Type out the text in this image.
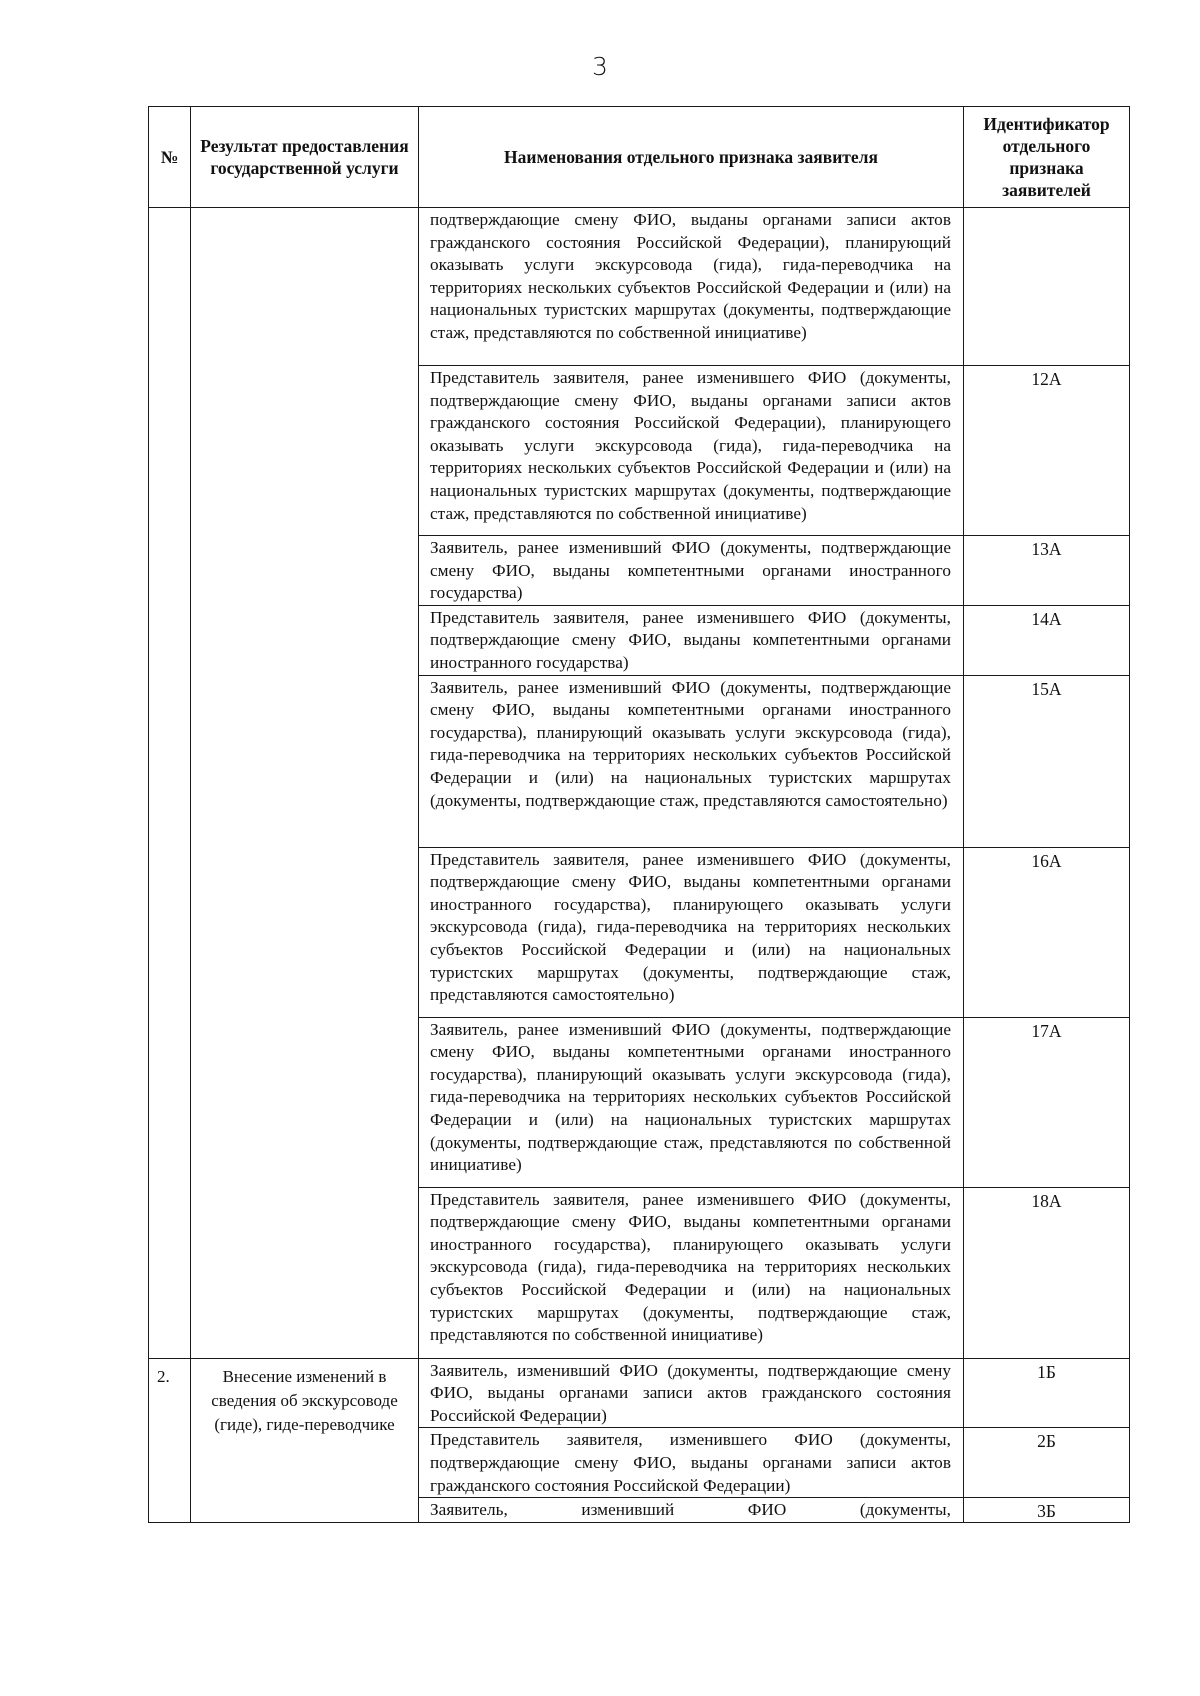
3
№	Результат предоставления государственной услуги	Наименования отдельного признака заявителя	Идентификатор отдельного признака заявителей

		подтверждающие смену ФИО, выданы органами записи актов гражданского состояния Российской Федерации), планирующий оказывать услуги экскурсовода (гида), гида-переводчика на территориях нескольких субъектов Российской Федерации и (или) на национальных туристских маршрутах (документы, подтверждающие стаж, представляются по собственной инициативе)	

		Представитель заявителя, ранее изменившего ФИО (документы, подтверждающие смену ФИО, выданы органами записи актов гражданского состояния Российской Федерации), планирующего оказывать услуги экскурсовода (гида), гида-переводчика на территориях нескольких субъектов Российской Федерации и (или) на национальных туристских маршрутах (документы, подтверждающие стаж, представляются по собственной инициативе)	12А

		Заявитель, ранее изменивший ФИО (документы, подтверждающие смену ФИО, выданы компетентными органами иностранного государства)	13А

		Представитель заявителя, ранее изменившего ФИО (документы, подтверждающие смену ФИО, выданы компетентными органами иностранного государства)	14А

		Заявитель, ранее изменивший ФИО (документы, подтверждающие смену ФИО, выданы компетентными органами иностранного государства), планирующий оказывать услуги экскурсовода (гида), гида-переводчика на территориях нескольких субъектов Российской Федерации и (или) на национальных туристских маршрутах (документы, подтверждающие стаж, представляются самостоятельно)	15А

		Представитель заявителя, ранее изменившего ФИО (документы, подтверждающие смену ФИО, выданы компетентными органами иностранного государства), планирующего оказывать услуги экскурсовода (гида), гида-переводчика на территориях нескольких субъектов Российской Федерации и (или) на национальных туристских маршрутах (документы, подтверждающие стаж, представляются самостоятельно)	16А

		Заявитель, ранее изменивший ФИО (документы, подтверждающие смену ФИО, выданы компетентными органами иностранного государства), планирующий оказывать услуги экскурсовода (гида), гида-переводчика на территориях нескольких субъектов Российской Федерации и (или) на национальных туристских маршрутах (документы, подтверждающие стаж, представляются по собственной инициативе)	17А

		Представитель заявителя, ранее изменившего ФИО (документы, подтверждающие смену ФИО, выданы компетентными органами иностранного государства), планирующего оказывать услуги экскурсовода (гида), гида-переводчика на территориях нескольких субъектов Российской Федерации и (или) на национальных туристских маршрутах (документы, подтверждающие стаж, представляются по собственной инициативе)	18А

2.	Внесение изменений в сведения об экскурсоводе (гиде), гиде-переводчике	Заявитель, изменивший ФИО (документы, подтверждающие смену ФИО, выданы органами записи актов гражданского состояния Российской Федерации)	1Б

		Представитель заявителя, изменившего ФИО (документы, подтверждающие смену ФИО, выданы органами записи актов гражданского состояния Российской Федерации)	2Б

		Заявитель, изменивший ФИО (документы,	3Б
